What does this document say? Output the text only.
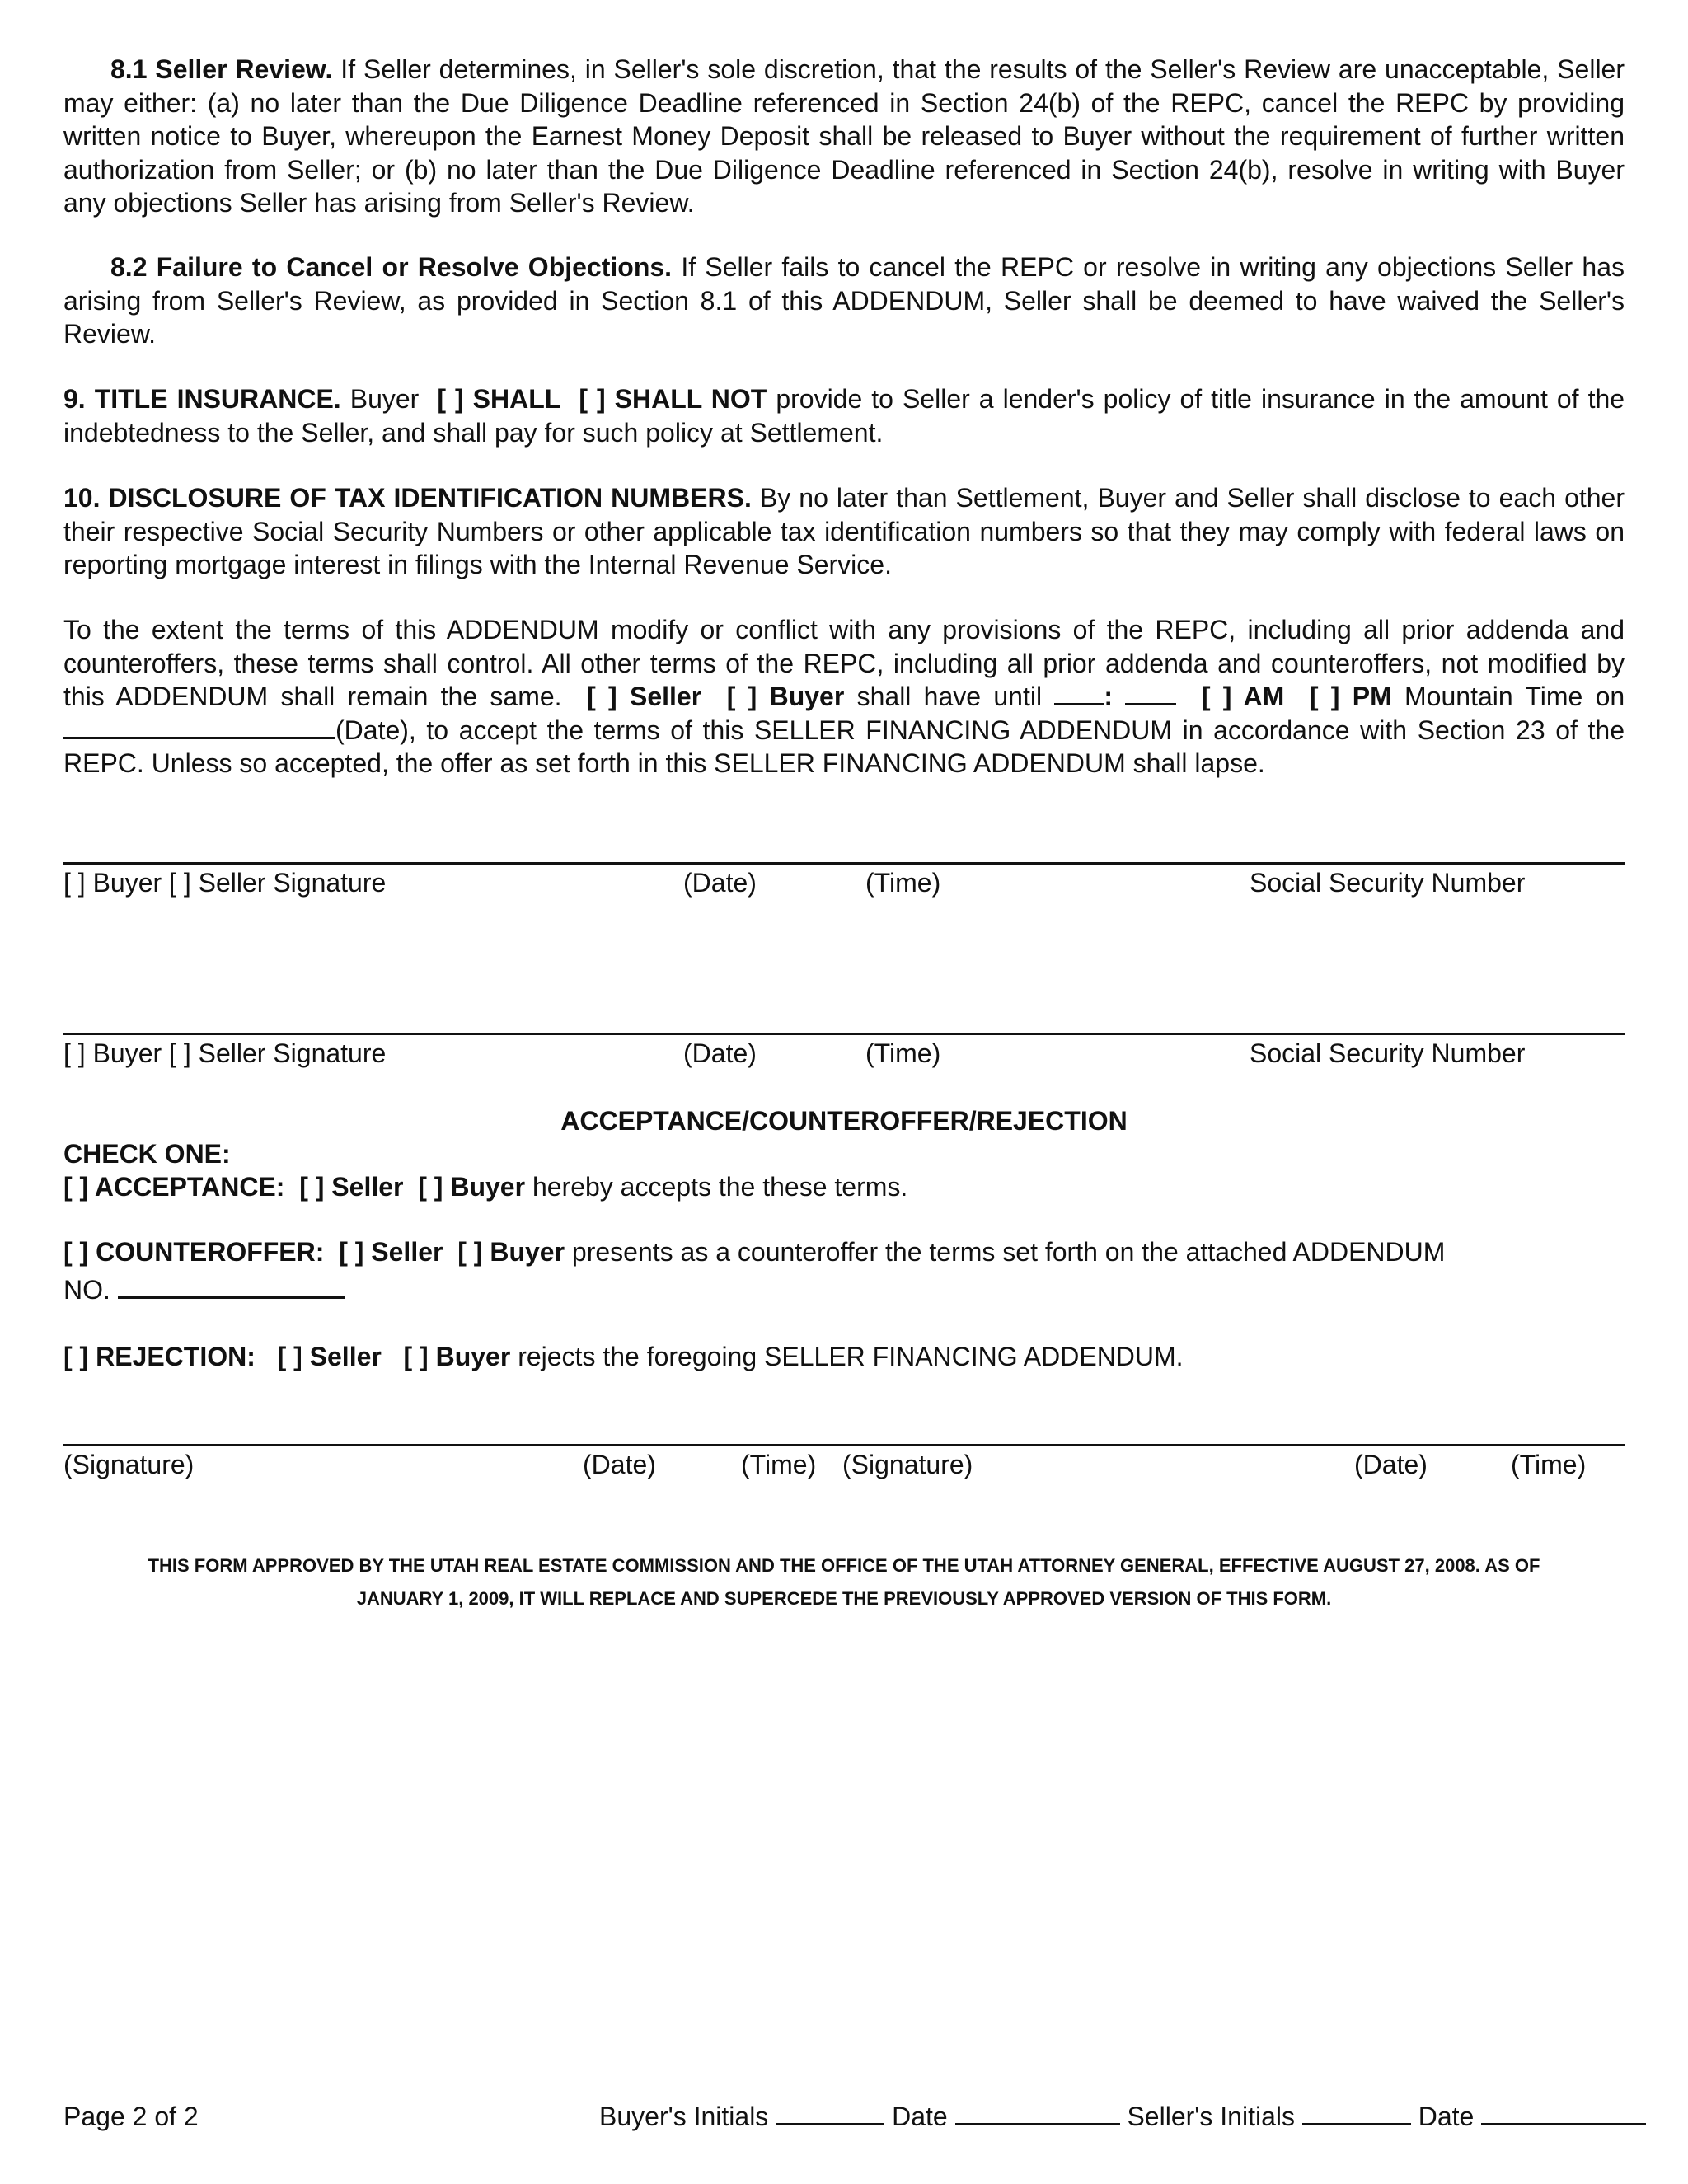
8.1 Seller Review. If Seller determines, in Seller's sole discretion, that the results of the Seller's Review are unacceptable, Seller may either: (a) no later than the Due Diligence Deadline referenced in Section 24(b) of the REPC, cancel the REPC by providing written notice to Buyer, whereupon the Earnest Money Deposit shall be released to Buyer without the requirement of further written authorization from Seller; or (b) no later than the Due Diligence Deadline referenced in Section 24(b), resolve in writing with Buyer any objections Seller has arising from Seller's Review.

8.2 Failure to Cancel or Resolve Objections. If Seller fails to cancel the REPC or resolve in writing any objections Seller has arising from Seller's Review, as provided in Section 8.1 of this ADDENDUM, Seller shall be deemed to have waived the Seller's Review.

9. TITLE INSURANCE. Buyer [ ] SHALL [ ] SHALL NOT provide to Seller a lender's policy of title insurance in the amount of the indebtedness to the Seller, and shall pay for such policy at Settlement.

10. DISCLOSURE OF TAX IDENTIFICATION NUMBERS. By no later than Settlement, Buyer and Seller shall disclose to each other their respective Social Security Numbers or other applicable tax identification numbers so that they may comply with federal laws on reporting mortgage interest in filings with the Internal Revenue Service.

To the extent the terms of this ADDENDUM modify or conflict with any provisions of the REPC, including all prior addenda and counteroffers, these terms shall control. All other terms of the REPC, including all prior addenda and counteroffers, not modified by this ADDENDUM shall remain the same. [ ] Seller [ ] Buyer shall have until :	[ ] AM [ ] PM Mountain Time on (Date), to accept the terms of this SELLER FINANCING ADDENDUM in accordance with Section 23 of the REPC. Unless so accepted, the offer as set forth in this SELLER FINANCING ADDENDUM shall lapse.

[ ] Buyer [ ] Seller Signature	(Date)	(Time)	Social Security Number
[ ] Buyer [ ] Seller Signature	(Date)	(Time)	Social Security Number
ACCEPTANCE/COUNTEROFFER/REJECTION
CHECK ONE:
[ ] ACCEPTANCE: [ ] Seller [ ] Buyer hereby accepts the these terms.
[ ] COUNTEROFFER: [ ] Seller [ ] Buyer presents as a counteroffer the terms set forth on the attached ADDENDUM
NO.
[ ] REJECTION: [ ] Seller [ ] Buyer rejects the foregoing SELLER FINANCING ADDENDUM.
(Signature)	(Date)	(Time) (Signature)	(Date)	(Time)
THIS FORM APPROVED BY THE UTAH REAL ESTATE COMMISSION AND THE OFFICE OF THE UTAH ATTORNEY GENERAL, EFFECTIVE AUGUST 27, 2008. AS OF
JANUARY 1, 2009, IT WILL REPLACE AND SUPERCEDE THE PREVIOUSLY APPROVED VERSION OF THIS FORM.
Page 2 of 2	Buyer's Initials	Date	Seller's Initials	Date
